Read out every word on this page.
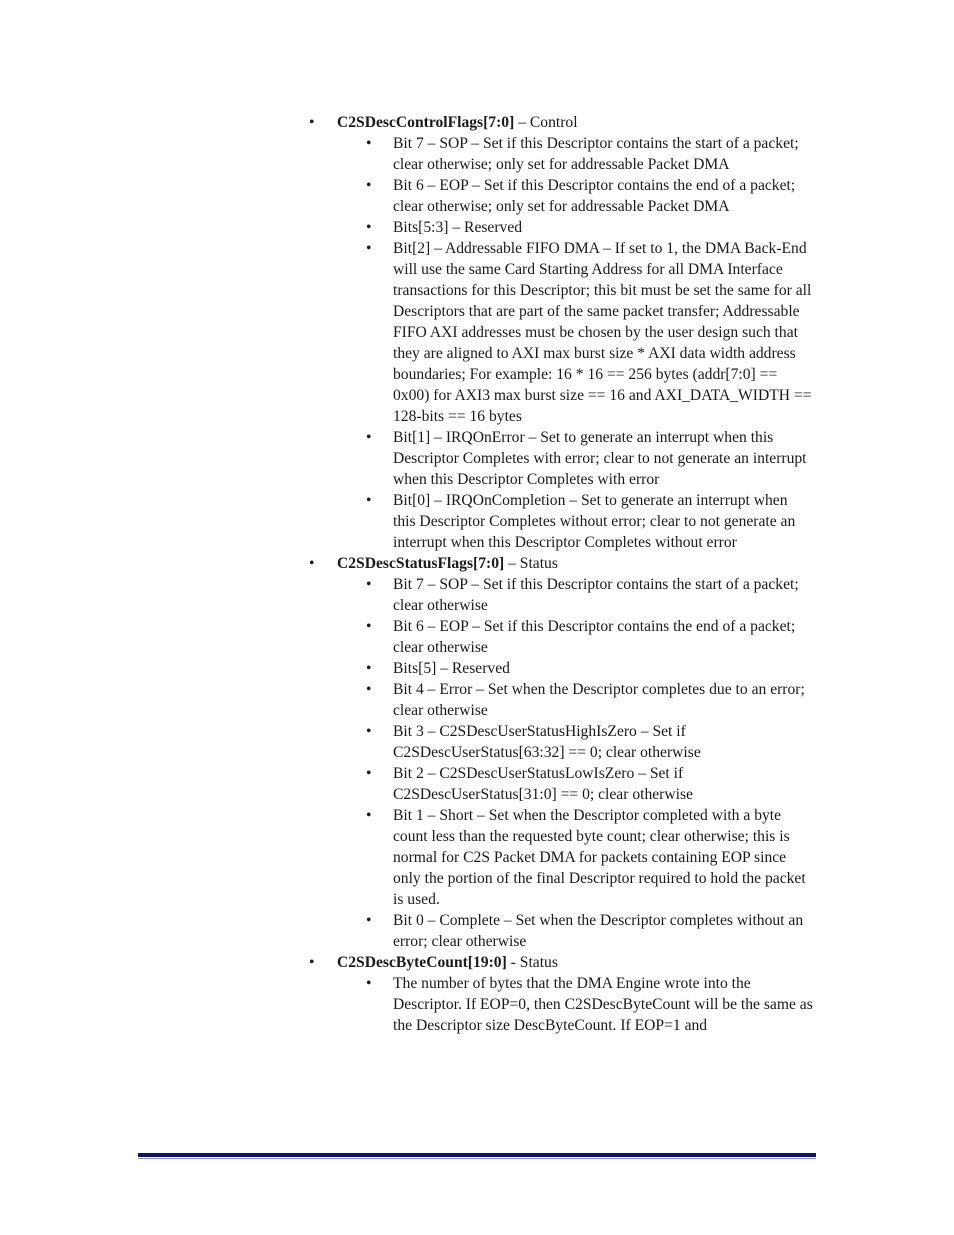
• C2SDescControlFlags[7:0] – Control
• Bit 7 – SOP – Set if this Descriptor contains the start of a packet; clear otherwise; only set for addressable Packet DMA
• Bit 6 – EOP – Set if this Descriptor contains the end of a packet; clear otherwise; only set for addressable Packet DMA
• Bits[5:3] – Reserved
• Bit[2] – Addressable FIFO DMA – If set to 1, the DMA Back-End will use the same Card Starting Address for all DMA Interface transactions for this Descriptor; this bit must be set the same for all Descriptors that are part of the same packet transfer; Addressable FIFO AXI addresses must be chosen by the user design such that they are aligned to AXI max burst size * AXI data width address boundaries; For example: 16 * 16 == 256 bytes (addr[7:0] == 0x00) for AXI3 max burst size == 16 and AXI_DATA_WIDTH == 128-bits == 16 bytes
• Bit[1] – IRQOnError – Set to generate an interrupt when this Descriptor Completes with error; clear to not generate an interrupt when this Descriptor Completes with error
• Bit[0] – IRQOnCompletion – Set to generate an interrupt when this Descriptor Completes without error; clear to not generate an interrupt when this Descriptor Completes without error
• C2SDescStatusFlags[7:0] – Status
• Bit 7 – SOP – Set if this Descriptor contains the start of a packet; clear otherwise
• Bit 6 – EOP – Set if this Descriptor contains the end of a packet; clear otherwise
• Bits[5] – Reserved
• Bit 4 – Error – Set when the Descriptor completes due to an error; clear otherwise
• Bit 3 – C2SDescUserStatusHighIsZero – Set if C2SDescUserStatus[63:32] == 0; clear otherwise
• Bit 2 – C2SDescUserStatusLowIsZero – Set if C2SDescUserStatus[31:0] == 0; clear otherwise
• Bit 1 – Short – Set when the Descriptor completed with a byte count less than the requested byte count; clear otherwise; this is normal for C2S Packet DMA for packets containing EOP since only the portion of the final Descriptor required to hold the packet is used.
• Bit 0 – Complete – Set when the Descriptor completes without an error; clear otherwise
• C2SDescByteCount[19:0] - Status
• The number of bytes that the DMA Engine wrote into the Descriptor. If EOP=0, then C2SDescByteCount will be the same as the Descriptor size DescByteCount. If EOP=1 and
